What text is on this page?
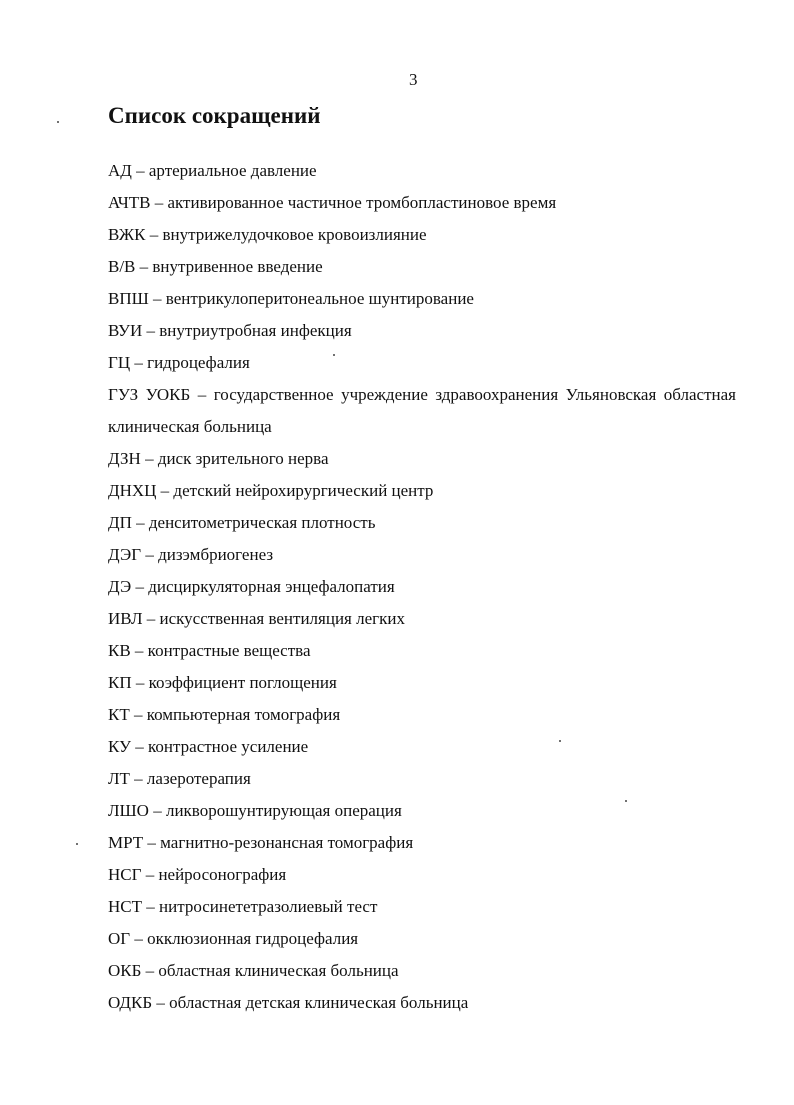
3
Список сокращений

АД – артериальное давление

АЧТВ – активированное частичное тромбопластиновое время

ВЖК – внутрижелудочковое кровоизлияние

В/В – внутривенное введение

ВПШ – вентрикулоперитонеальное шунтирование

ВУИ – внутриутробная инфекция

ГЦ – гидроцефалия

ГУЗ УОКБ – государственное учреждение здравоохранения Ульяновская областная клиническая больница

ДЗН – диск зрительного нерва

ДНХЦ – детский нейрохирургический центр

ДП – денситометрическая плотность

ДЭГ – дизэмбриогенез

ДЭ – дисциркуляторная энцефалопатия

ИВЛ – искусственная вентиляция легких

КВ – контрастные вещества

КП – коэффициент поглощения

КТ – компьютерная томография

КУ – контрастное усиление

ЛТ – лазеротерапия

ЛШО – ликворошунтирующая операция

МРТ – магнитно-резонансная томография

НСГ – нейросонография

НСТ – нитросинететразолиевый тест

ОГ – окклюзионная гидроцефалия

ОКБ – областная клиническая больница

ОДКБ – областная детская клиническая больница
